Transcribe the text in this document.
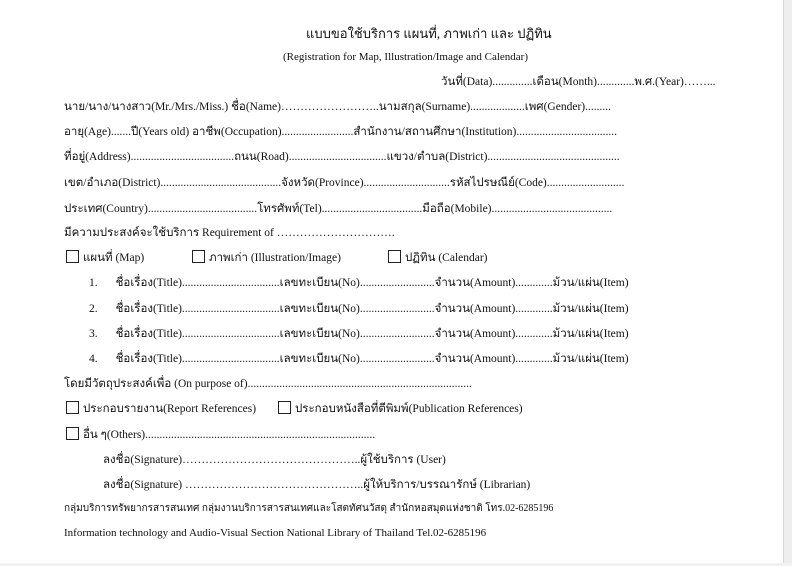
แบบขอใช้บริการ แผนที่, ภาพเก่า และ ปฏิทิน
(Registration for Map, Illustration/Image and Calendar)
วันที่(Data)..............เดือน(Month).............พ.ศ.(Year)……...
นาย/นาง/นางสาว(Mr./Mrs./Miss.) ชื่อ(Name)……………………..นามสกุล(Surname)...................เพศ(Gender).........
อายุ(Age).......ปี(Years old) อาชีพ(Occupation).........................สำนักงาน/สถานศึกษา(Institution)...................................
ที่อยู่(Address)....................................ถนน(Road)..................................แขวง/ตำบล(District)..............................................
เขต/อำเภอ(District)..........................................จังหวัด(Province)..............................รหัสไปรษณีย์(Code)...........................
ประเทศ(Country)......................................โทรศัพท์(Tel)...................................มือถือ(Mobile)..........................................
มีความประสงค์จะใช้บริการ Requirement of ………………………….
แผนที่ (Map)	ภาพเก่า (Illustration/Image)	ปฏิทิน (Calendar)
1. ชื่อเรื่อง(Title)..................................เลขทะเบียน(No)..........................จำนวน(Amount).............ม้วน/แผ่น(Item)
2. ชื่อเรื่อง(Title)..................................เลขทะเบียน(No)..........................จำนวน(Amount).............ม้วน/แผ่น(Item)
3. ชื่อเรื่อง(Title)..................................เลขทะเบียน(No)..........................จำนวน(Amount).............ม้วน/แผ่น(Item)
4. ชื่อเรื่อง(Title)..................................เลขทะเบียน(No)..........................จำนวน(Amount).............ม้วน/แผ่น(Item)
โดยมีวัตถุประสงค์เพื่อ (On purpose of)..............................................................................
ประกอบรายงาน(Report References)	ประกอบหนังสือที่ตีพิมพ์(Publication References)
อื่น ๆ(Others)................................................................................
ลงชื่อ(Signature)………………………………………..ผู้ใช้บริการ (User)
ลงชื่อ(Signature) ………………………………………..ผู้ให้บริการ/บรรณารักษ์ (Librarian)
กลุ่มบริการทรัพยากรสารสนเทศ กลุ่มงานบริการสารสนเทศและโสตทัศนวัสดุ สำนักหอสมุดแห่งชาติ โทร.02-6285196
Information technology and Audio-Visual Section National Library of Thailand Tel.02-6285196
